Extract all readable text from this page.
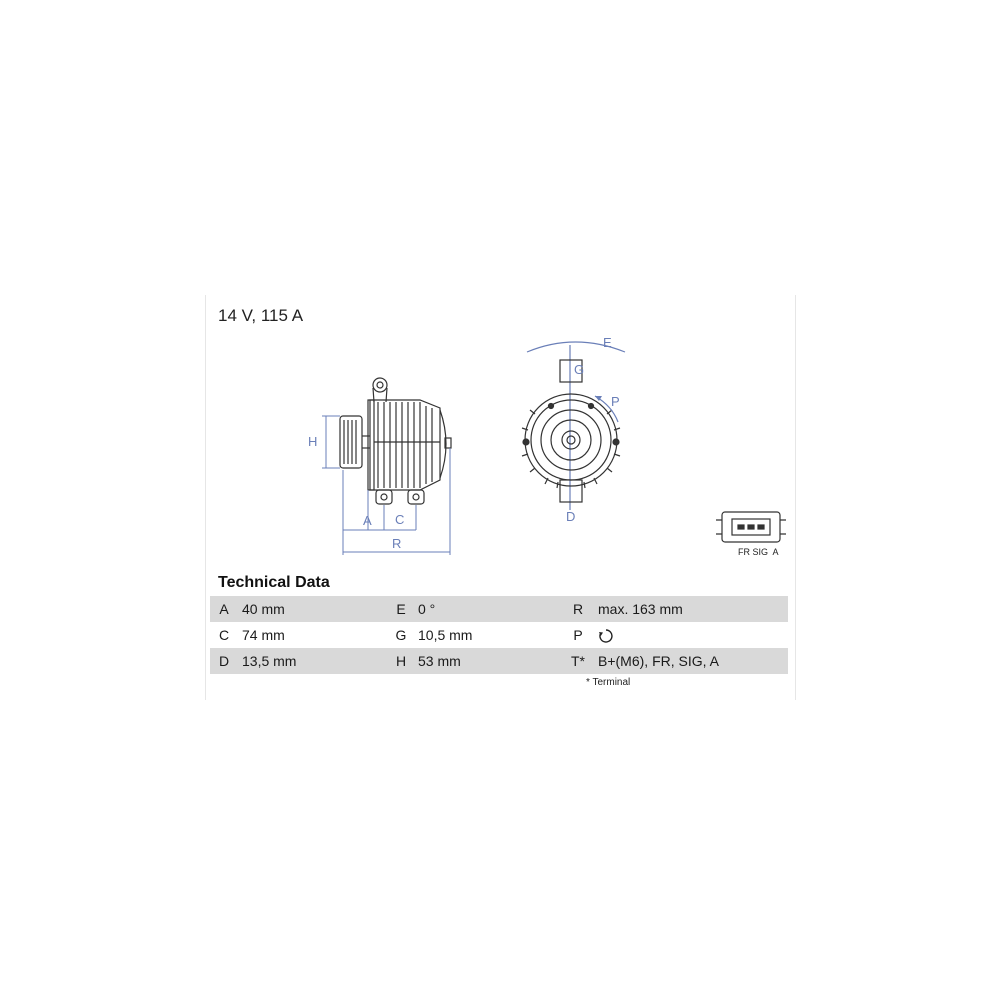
14 V, 115 A
H
A C
R
G
E
P
D
FR SIG  A
Technical Data
A 40 mm	E 0 °	R	max. 163 mm
C 74 mm	G 10,5 mm	P
D 13,5 mm	H 53 mm	T* B+(M6), FR, SIG, A
* Terminal
